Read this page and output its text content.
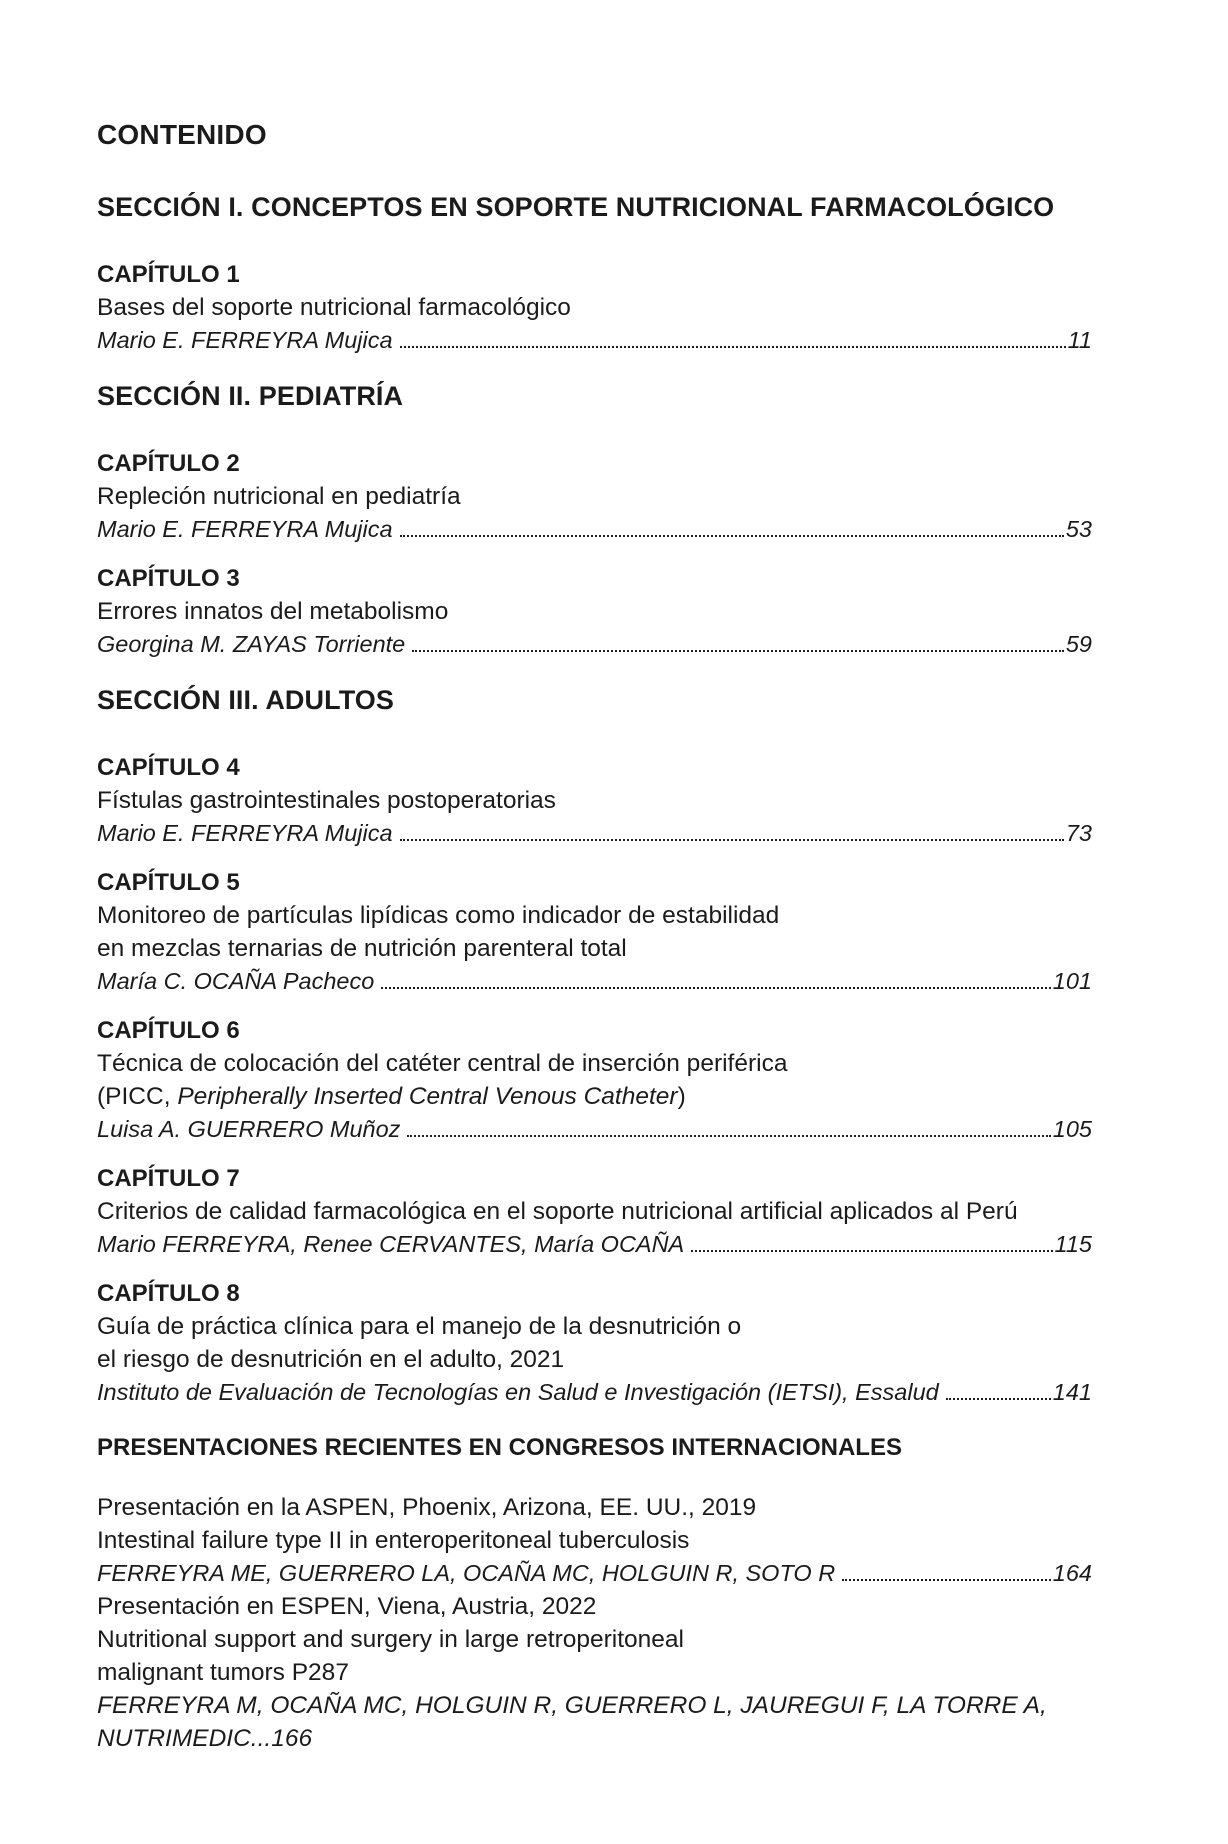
CONTENIDO
SECCIÓN I. CONCEPTOS EN SOPORTE NUTRICIONAL FARMACOLÓGICO
CAPÍTULO 1
Bases del soporte nutricional farmacológico
Mario E. FERREYRA Mujica	11
SECCIÓN II. PEDIATRÍA
CAPÍTULO 2
Repleción nutricional en pediatría
Mario E. FERREYRA Mujica	53
CAPÍTULO 3
Errores innatos del metabolismo
Georgina M. ZAYAS Torriente	59
SECCIÓN III. ADULTOS
CAPÍTULO 4
Fístulas gastrointestinales postoperatorias
Mario E. FERREYRA Mujica	73
CAPÍTULO 5
Monitoreo de partículas lipídicas como indicador de estabilidad
en mezclas ternarias de nutrición parenteral total
María C. OCAÑA Pacheco	101
CAPÍTULO 6
Técnica de colocación del catéter central de inserción periférica
(PICC, Peripherally Inserted Central Venous Catheter)
Luisa A. GUERRERO Muñoz	105
CAPÍTULO 7
Criterios de calidad farmacológica en el soporte nutricional artificial aplicados al Perú
Mario FERREYRA, Renee CERVANTES, María OCAÑA	115
CAPÍTULO 8
Guía de práctica clínica para el manejo de la desnutrición o
el riesgo de desnutrición en el adulto, 2021
Instituto de Evaluación de Tecnologías en Salud e Investigación (IETSI), Essalud	141
PRESENTACIONES RECIENTES EN CONGRESOS INTERNACIONALES
Presentación en la ASPEN, Phoenix, Arizona, EE. UU., 2019
Intestinal failure type II in enteroperitoneal tuberculosis
FERREYRA ME, GUERRERO LA, OCAÑA MC, HOLGUIN R, SOTO R	164
Presentación en ESPEN, Viena, Austria, 2022
Nutritional support and surgery in large retroperitoneal
malignant tumors P287
FERREYRA M, OCAÑA MC, HOLGUIN R, GUERRERO L, JAUREGUI F, LA TORRE A, NUTRIMEDIC...166
